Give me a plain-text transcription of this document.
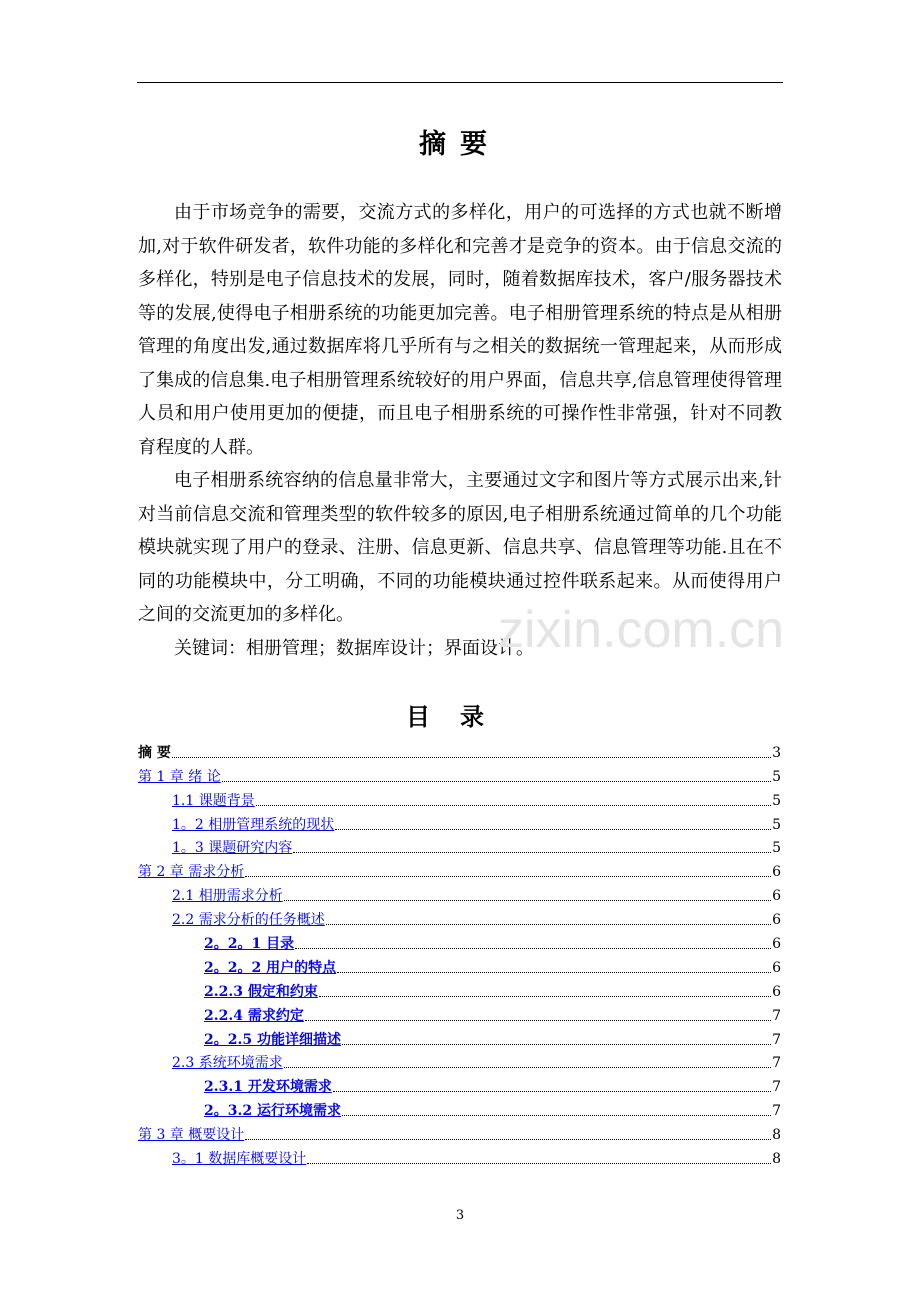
摘要

由于市场竞争的需要，交流方式的多样化，用户的可选择的方式也就不断增加,对于软件研发者，软件功能的多样化和完善才是竞争的资本。由于信息交流的多样化，特别是电子信息技术的发展，同时，随着数据库技术，客户/服务器技术等的发展,使得电子相册系统的功能更加完善。电子相册管理系统的特点是从相册管理的角度出发,通过数据库将几乎所有与之相关的数据统一管理起来，从而形成了集成的信息集.电子相册管理系统较好的用户界面，信息共享,信息管理使得管理人员和用户使用更加的便捷，而且电子相册系统的可操作性非常强，针对不同教育程度的人群。

电子相册系统容纳的信息量非常大，主要通过文字和图片等方式展示出来,针对当前信息交流和管理类型的软件较多的原因,电子相册系统通过简单的几个功能模块就实现了用户的登录、注册、信息更新、信息共享、信息管理等功能.且在不同的功能模块中，分工明确，不同的功能模块通过控件联系起来。从而使得用户之间的交流更加的多样化。

关键词：相册管理；数据库设计；界面设计。

zixin.com.cn
目录
摘 要	3
第 1 章 绪 论	5
1.1 课题背景	5
1。2 相册管理系统的现状	5
1。3 课题研究内容	5
第 2 章 需求分析	6
2.1 相册需求分析	6
2.2 需求分析的任务概述	6
2。2。1 目录	6
2。2。2 用户的特点	6
2.2.3 假定和约束	6
2.2.4 需求约定	7
2。2.5 功能详细描述	7
2.3 系统环境需求	7
2.3.1 开发环境需求	7
2。3.2 运行环境需求	7
第 3 章 概要设计	8
3。1 数据库概要设计	8
3
